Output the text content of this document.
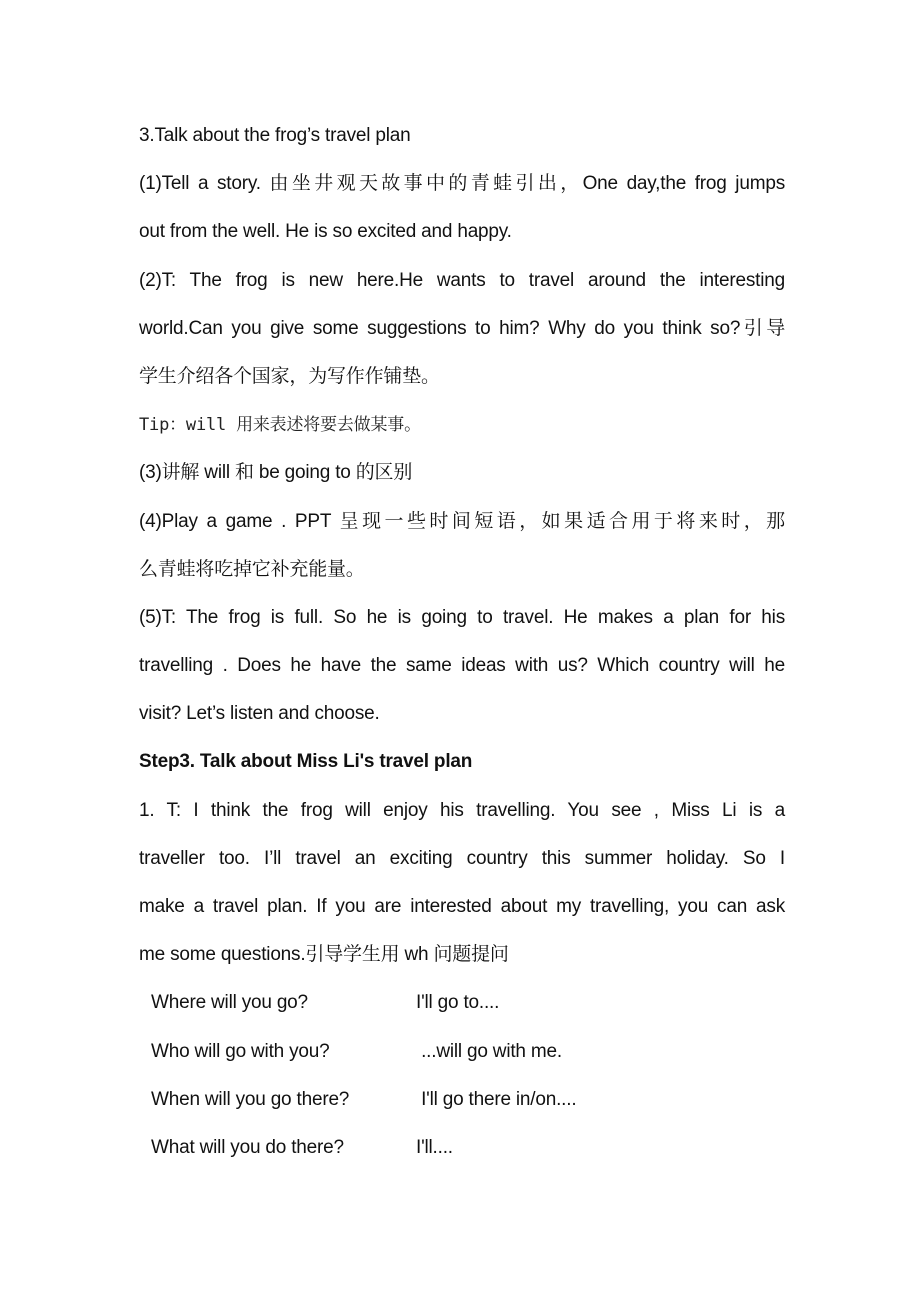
3.Talk about the frog’s travel plan
(1)Tell a story. 由坐井观天故事中的青蛙引出，One day,the frog jumps
out from the well. He is so excited and happy.
(2)T: The frog is new here.He wants to travel around the interesting
world.Can you give some suggestions to him? Why do you think so?引导
学生介绍各个国家，为写作作铺垫。
Tip：will 用来表述将要去做某事。
(3)讲解 will 和 be going to 的区别
(4)Play a game . PPT 呈现一些时间短语，如果适合用于将来时，那
么青蛙将吃掉它补充能量。
(5)T: The frog is full. So he is going to travel. He makes a plan for his
travelling . Does he have the same ideas with us? Which country will he
visit? Let’s listen and choose.
Step3. Talk about Miss Li's travel plan
1. T: I think the frog will enjoy his travelling. You see , Miss Li is a
traveller too. I’ll travel an exciting country this summer holiday. So I
make a travel plan. If you are interested about my travelling, you can ask
me some questions.引导学生用 wh 问题提问
Where will you go?	I'll go to....
Who will go with you?	...will go with me.
When will you go there?	I'll go there in/on....
What will you do there?	I'll....
